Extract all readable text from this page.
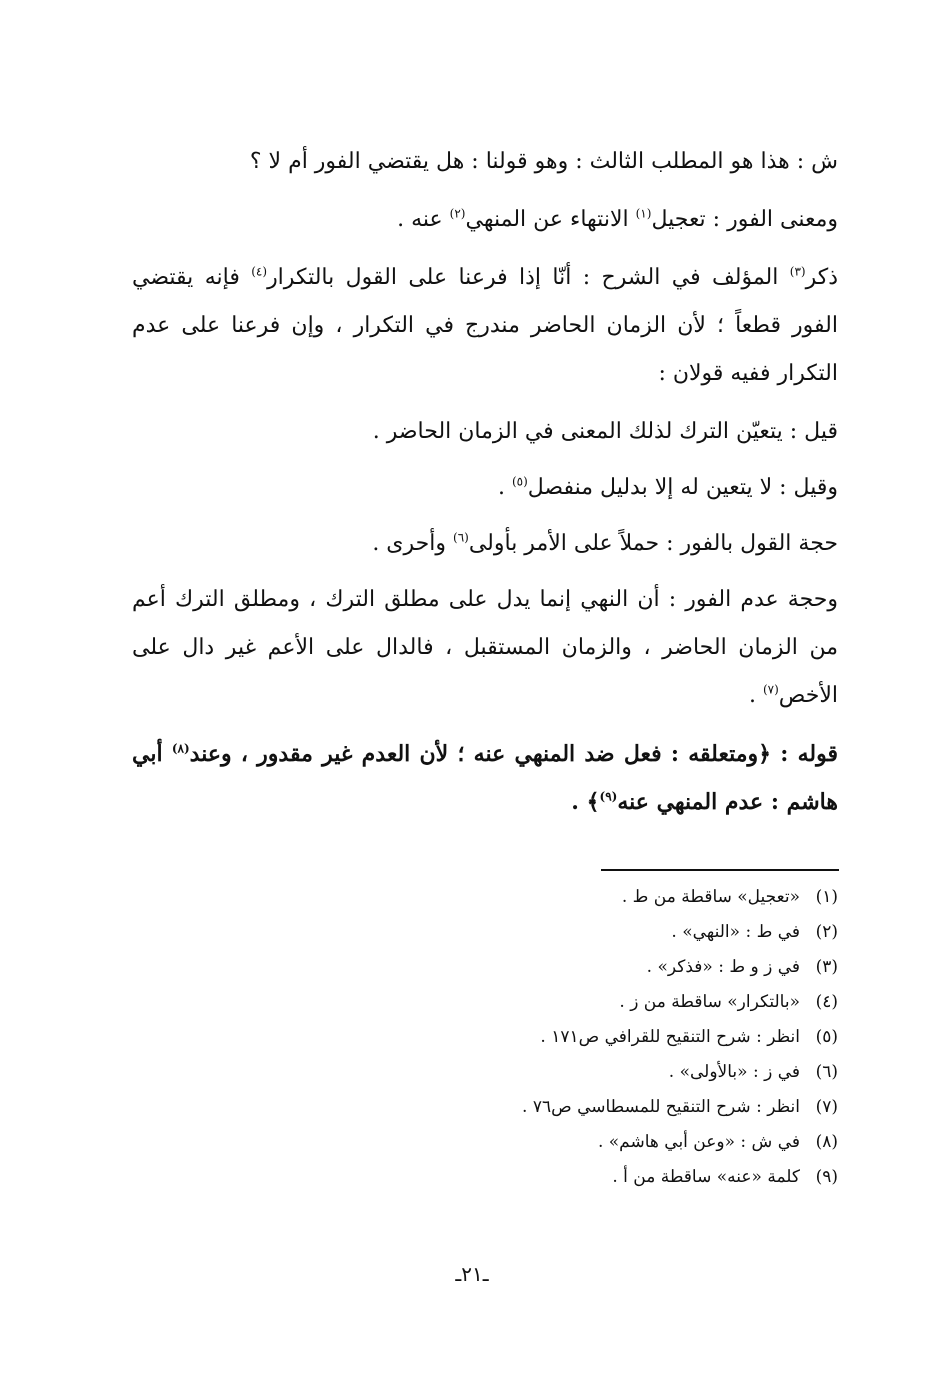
ش : هذا هو المطلب الثالث : وهو قولنا : هل يقتضي الفور أم لا ؟

ومعنى الفور : تعجيل$^{(١)}$ الانتهاء عن المنهي$^{(٢)}$ عنه .

ذكر$^{(٣)}$ المؤلف في الشرح : أنّا إذا فرعنا على القول بالتكرار$^{(٤)}$ فإنه يقتضي الفور قطعاً ؛ لأن الزمان الحاضر مندرج في التكرار ، وإن فرعنا على عدم التكرار ففيه قولان :

قيل : يتعيّن الترك لذلك المعنى في الزمان الحاضر .

وقيل : لا يتعين له إلا بدليل منفصل$^{(٥)}$ .

حجة القول بالفور : حملاً على الأمر بأولى$^{(٦)}$ وأحرى .

وحجة عدم الفور : أن النهي إنما يدل على مطلق الترك ، ومطلق الترك أعم من الزمان الحاضر ، والزمان المستقبل ، فالدال على الأعم غير دال على الأخص$^{(٧)}$ .

قوله : ﴿ومتعلقه : فعل ضد المنهي عنه ؛ لأن العدم غير مقدور ، وعند$^{(٨)}$ أبي هاشم : عدم المنهي عنه$^{(٩)}$﴾ .

(١)
«تعجيل» ساقطة من ط .
(٢)
في ط : «النهي» .
(٣)
في ز و ط : «فذكر» .
(٤)
«بالتكرار» ساقطة من ز .
(٥)
انظر : شرح التنقيح للقرافي ص١٧١ .
(٦)
في ز : «بالأولى» .
(٧)
انظر : شرح التنقيح للمسطاسي ص٧٦ .
(٨)
في ش : «وعن أبي هاشم» .
(٩)
كلمة «عنه» ساقطة من أ .
ـ٢١ـ
